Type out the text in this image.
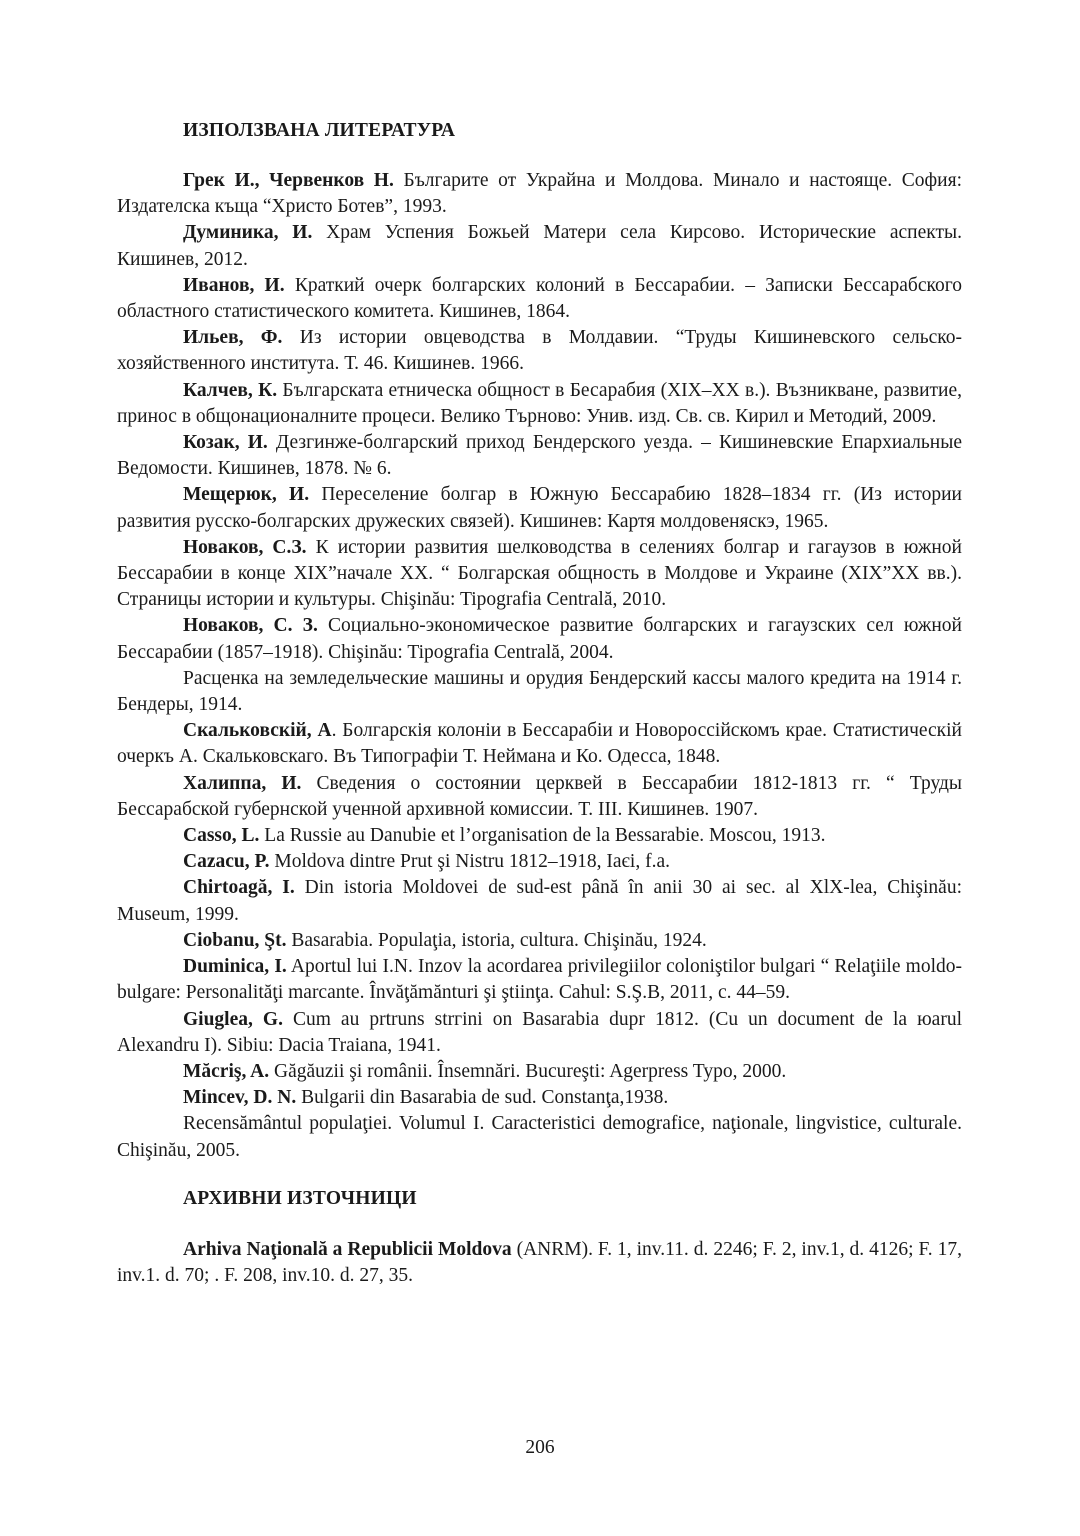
ИЗПОЛЗВАНА ЛИТЕРАТУРА

Грек И., Червенков Н. Българите от Украйна и Молдова. Минало и настояще. София: Издателска къща “Христо Ботев”, 1993.

Думиника, И. Храм Успения Божьей Матери села Кирсово. Исторические аспекты. Кишинев, 2012.

Иванов, И. Краткий очерк болгарских колоний в Бессарабии. – Записки Бессарабского областного статистического комитета. Кишинев, 1864.

Ильев, Ф. Из истории овцеводства в Молдавии. “Труды Кишиневского сельско-хозяйственного института. Т. 46. Кишинев. 1966.

Калчев, К. Българската етническа общност в Бесарабия (XIX–XX в.). Възникване, развитие, принос в общонационалните процеси. Велико Търново: Унив. изд. Св. св. Кирил и Методий, 2009.

Козак, И. Дезгинже-болгарский приход Бендерского уезда. – Кишиневские Епархиальные Ведомости. Кишинев, 1878. № 6.

Мещерюк, И. Переселение болгар в Южную Бессарабию 1828–1834 гг. (Из истории развития русско-болгарских дружеских связей). Кишинев: Картя молдовеняскэ, 1965.

Новаков, С.З. К истории развития шелководства в селениях болгар и гагаузов в южной Бессарабии в конце XIX”начале XX. “ Болгарская общность в Молдове и Украине (XIX”XX вв.). Страницы истории и культуры. Chişinău: Tipografia Centrală, 2010.

Новаков, С. З. Социально-экономическое развитие болгарских и гагаузских сел южной Бессарабии (1857–1918). Chişinău: Tipografia Centrală, 2004.

Расценка на земледельческие машины и орудия Бендерский кассы малого кредита на 1914 г. Бендеры, 1914.

Скальковскій, А. Болгарскія колоніи в Бессарабіи и Новороссійскомъ крае. Статистическій очеркъ А. Скальковскаго. Въ Типографіи Т. Неймана и Ко. Одесса, 1848.

Халиппа, И. Сведения о состоянии церквей в Бессарабии 1812-1813 гг. “ Труды Бессарабской губернской ученной архивной комиссии. Т. III. Кишинев. 1907.

Casso, L. La Russie au Danubie et l’organisation de la Bessarabie. Moscou, 1913.

Cazacu, P. Moldova dintre Prut şi Nistru 1812–1918, Iaєi, f.a.

Chirtoagă, I. Din istoria Moldovei de sud-est până în anii 30 ai sec. al XlX-lea, Chişinău: Museum, 1999.

Ciobanu, Şt. Basarabia. Populaţia, istoria, cultura. Chişinău, 1924.

Duminica, I. Aportul lui I.N. Inzov la acordarea privilegiilor coloniştilor bulgari “ Relaţiile moldo-bulgare: Personalităţi marcante. Învăţămănturi şi ştiinţa. Cahul: S.Ş.B, 2011, c. 44–59.

Giuglea, G. Cum au prtruns strгini on Basarabia dupr 1812. (Cu un document de la юarul Alexandru I). Sibiu: Dacia Traiana, 1941.

Măcriş, A. Găgăuzii şi românii. Însemnări. Bucureşti: Agerpress Typo, 2000.

Mincev, D. N. Bulgarii din Basarabia de sud. Constanţa,1938.

Recensământul populaţiei. Volumul I. Caracteristici demografice, naţionale, lingvistice, culturale. Chişinău, 2005.

АРХИВНИ ИЗТОЧНИЦИ

Arhiva Naţională a Republicii Moldova (ANRM). F. 1, inv.11. d. 2246; F. 2, inv.1, d. 4126; F. 17, inv.1. d. 70; . F. 208, inv.10. d. 27, 35.

206
